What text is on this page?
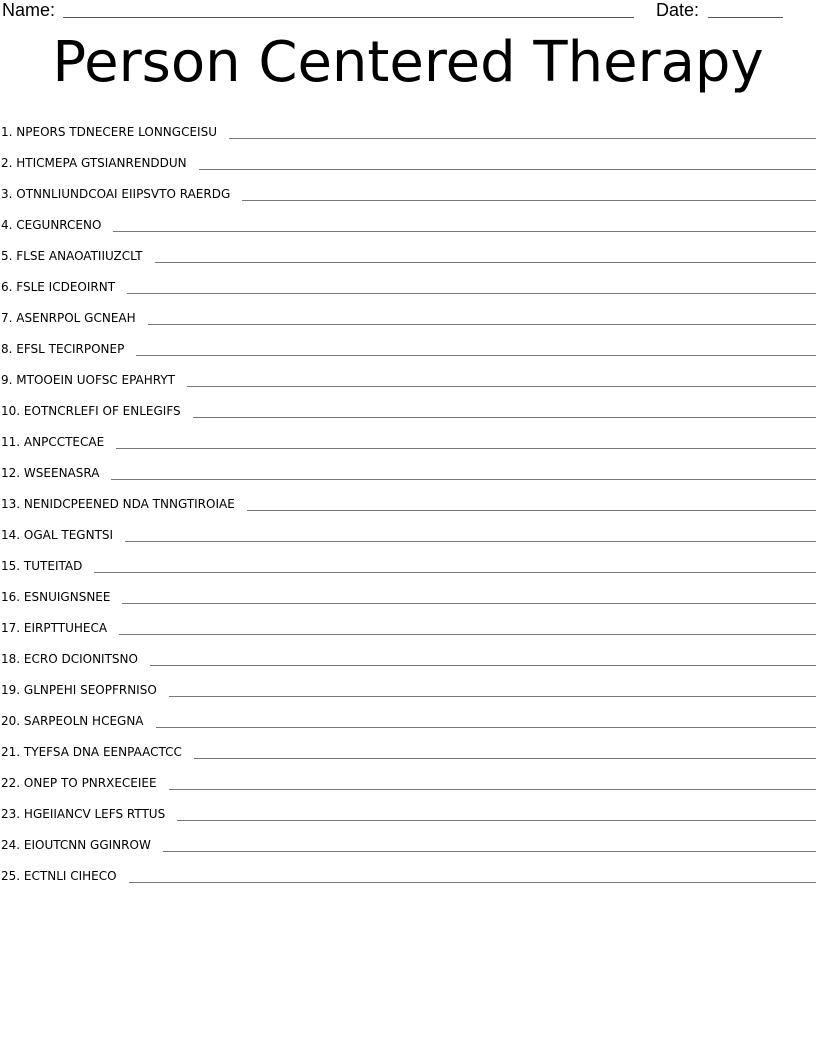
Name:	Date:
Person Centered Therapy
1. NPEORS TDNECERE LONNGCEISU
2. HTICMEPA GTSIANRENDDUN
3. OTNNLIUNDCOAI EIIPSVTO RAERDG
4. CEGUNRCENO
5. FLSE ANAOATIIUZCLT
6. FSLE ICDEOIRNT
7. ASENRPOL GCNEAH
8. EFSL TECIRPONEP
9. MTOOEIN UOFSC EPAHRYT
10. EOTNCRLEFI OF ENLEGIFS
11. ANPCCTECAE
12. WSEENASRA
13. NENIDCPEENED NDA TNNGTIROIAE
14. OGAL TEGNTSI
15. TUTEITAD
16. ESNUIGNSNEE
17. EIRPTTUHECA
18. ECRO DCIONITSNO
19. GLNPEHI SEOPFRNISO
20. SARPEOLN HCEGNA
21. TYEFSA DNA EENPAACTCC
22. ONEP TO PNRXECEIEE
23. HGEIIANCV LEFS RTTUS
24. EIOUTCNN GGINROW
25. ECTNLI CIHECO
